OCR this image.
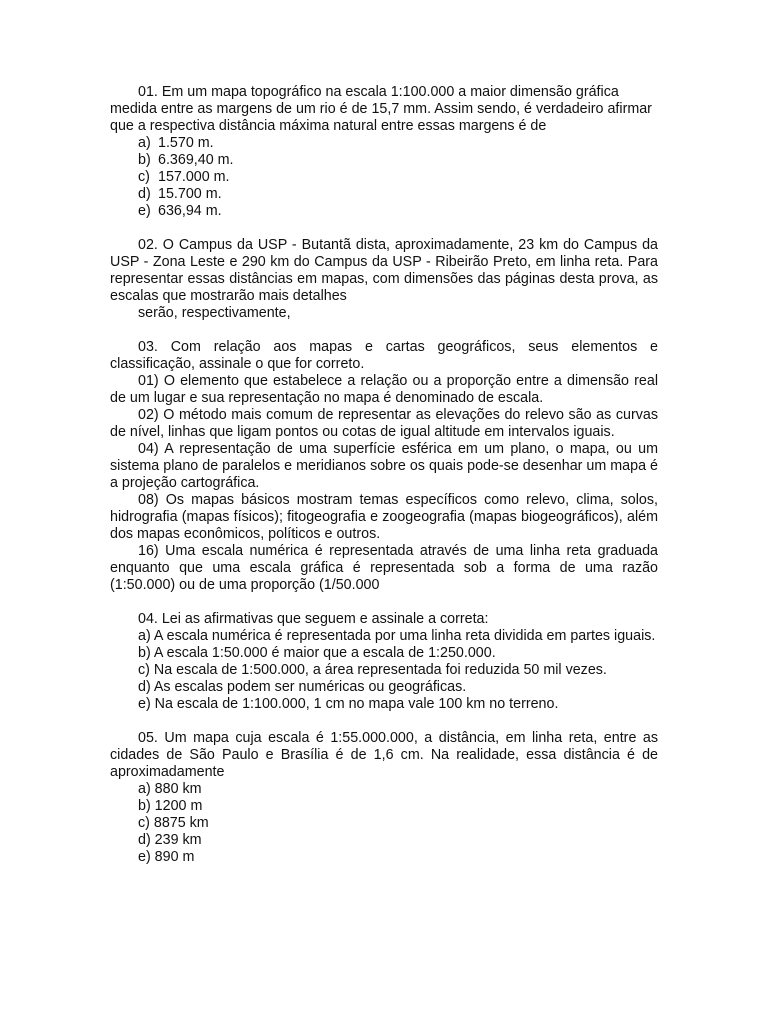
01. Em um mapa topográfico na escala 1:100.000 a maior dimensão gráfica medida entre as margens de um rio é de 15,7 mm. Assim sendo, é verdadeiro afirmar que a respectiva distância máxima natural entre essas margens é de

a) 1.570 m.
b) 6.369,40 m.
c) 157.000 m.
d) 15.700 m.
e) 636,94 m.

02. O Campus da USP - Butantã dista, aproximadamente, 23 km do Campus da USP - Zona Leste e 290 km do Campus da USP - Ribeirão Preto, em linha reta. Para representar essas distâncias em mapas, com dimensões das páginas desta prova, as escalas que mostrarão mais detalhes

serão, respectivamente,

03. Com relação aos mapas e cartas geográficos, seus elementos e classificação, assinale o que for correto.

01) O elemento que estabelece a relação ou a proporção entre a dimensão real de um lugar e sua representação no mapa é denominado de escala.

02) O método mais comum de representar as elevações do relevo são as curvas de nível, linhas que ligam pontos ou cotas de igual altitude em intervalos iguais.

04) A representação de uma superfície esférica em um plano, o mapa, ou um sistema plano de paralelos e meridianos sobre os quais pode-se desenhar um mapa é a projeção cartográfica.

08) Os mapas básicos mostram temas específicos como relevo, clima, solos, hidrografia (mapas físicos); fitogeografia e zoogeografia (mapas biogeográficos), além dos mapas econômicos, políticos e outros.

16) Uma escala numérica é representada através de uma linha reta graduada enquanto que uma escala gráfica é representada sob a forma de uma razão (1:50.000) ou de uma proporção (1/50.000

04. Lei as afirmativas que seguem e assinale a correta:

a) A escala numérica é representada por uma linha reta dividida em partes iguais.

b) A escala 1:50.000 é maior que a escala de 1:250.000.

c) Na escala de 1:500.000, a área representada foi reduzida 50 mil vezes.

d) As escalas podem ser numéricas ou geográficas.

e) Na escala de 1:100.000, 1 cm no mapa vale 100 km no terreno.

05. Um mapa cuja escala é 1:55.000.000, a distância, em linha reta, entre as cidades de São Paulo e Brasília é de 1,6 cm. Na realidade, essa distância é de aproximadamente

a) 880 km
b) 1200 m
c) 8875 km
d) 239 km
e) 890 m
